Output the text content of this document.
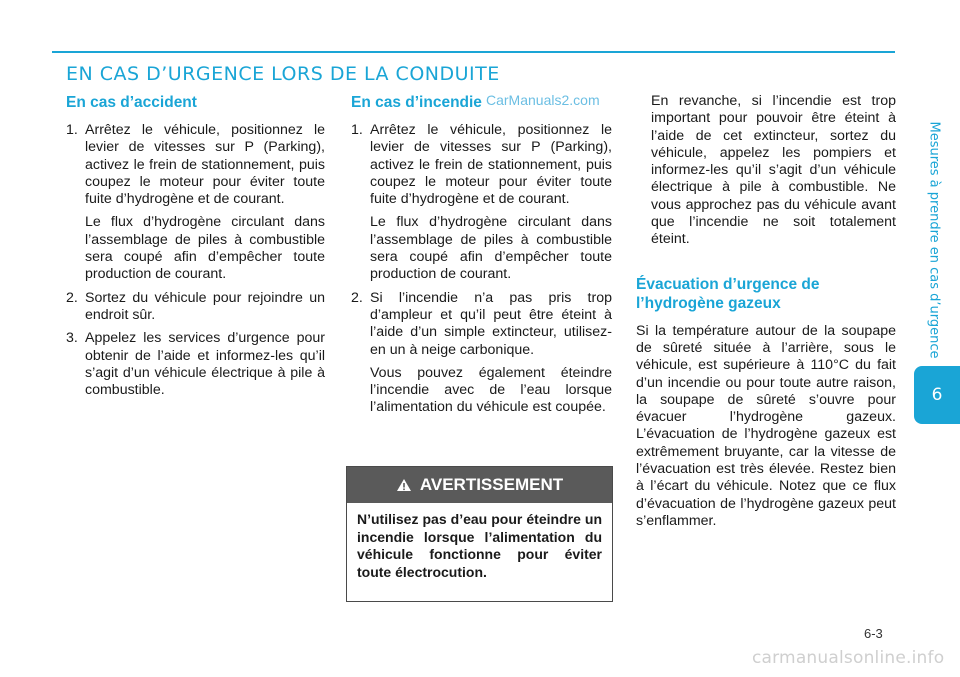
EN CAS D’URGENCE LORS DE LA CONDUITE
Mesures à prendre en cas d’urgence
6
En cas d’accident
1. Arrêtez le véhicule, positionnez le levier de vitesses sur P (Parking), activez le frein de stationnement, puis coupez le moteur pour éviter toute fuite d’hydrogène et de courant.

Le flux d’hydrogène circulant dans l’assemblage de piles à combustible sera coupé afin d’empêcher toute production de courant.

2. Sortez du véhicule pour rejoindre un endroit sûr.

3. Appelez les services d’urgence pour obtenir de l’aide et informez-les qu’il s’agit d’un véhicule électrique à pile à combustible.

En cas d’incendie
1. Arrêtez le véhicule, positionnez le levier de vitesses sur P (Parking), activez le frein de stationnement, puis coupez le moteur pour éviter toute fuite d’hydrogène et de courant.

Le flux d’hydrogène circulant dans l’assemblage de piles à combustible sera coupé afin d’empêcher toute production de courant.

2. Si l’incendie n’a pas pris trop d’ampleur et qu’il peut être éteint à l’aide d’un simple extincteur, utilisez-en un à neige carbonique.

Vous pouvez également éteindre l’incendie avec de l’eau lorsque l’alimentation du véhicule est coupée.

CarManuals2.com
AVERTISSEMENT

N’utilisez pas d’eau pour éteindre un incendie lorsque l’alimentation du véhicule fonctionne pour éviter toute électrocution.

En revanche, si l’incendie est trop important pour pouvoir être éteint à l’aide de cet extincteur, sortez du véhicule, appelez les pompiers et informez-les qu’il s’agit d’un véhicule électrique à pile à combustible. Ne vous approchez pas du véhicule avant que l’incendie ne soit totalement éteint.

Évacuation d’urgence de l’hydrogène gazeux

Si la température autour de la soupape de sûreté située à l’arrière, sous le véhicule, est supérieure à 110°C du fait d’un incendie ou pour toute autre raison, la soupape de sûreté s’ouvre pour évacuer l’hydrogène gazeux. L’évacuation de l’hydrogène gazeux est extrêmement bruyante, car la vitesse de l’évacuation est très élevée. Restez bien à l’écart du véhicule. Notez que ce flux d’évacuation de l’hydrogène gazeux peut s’enflammer.

6-3
carmanualsonline.info
